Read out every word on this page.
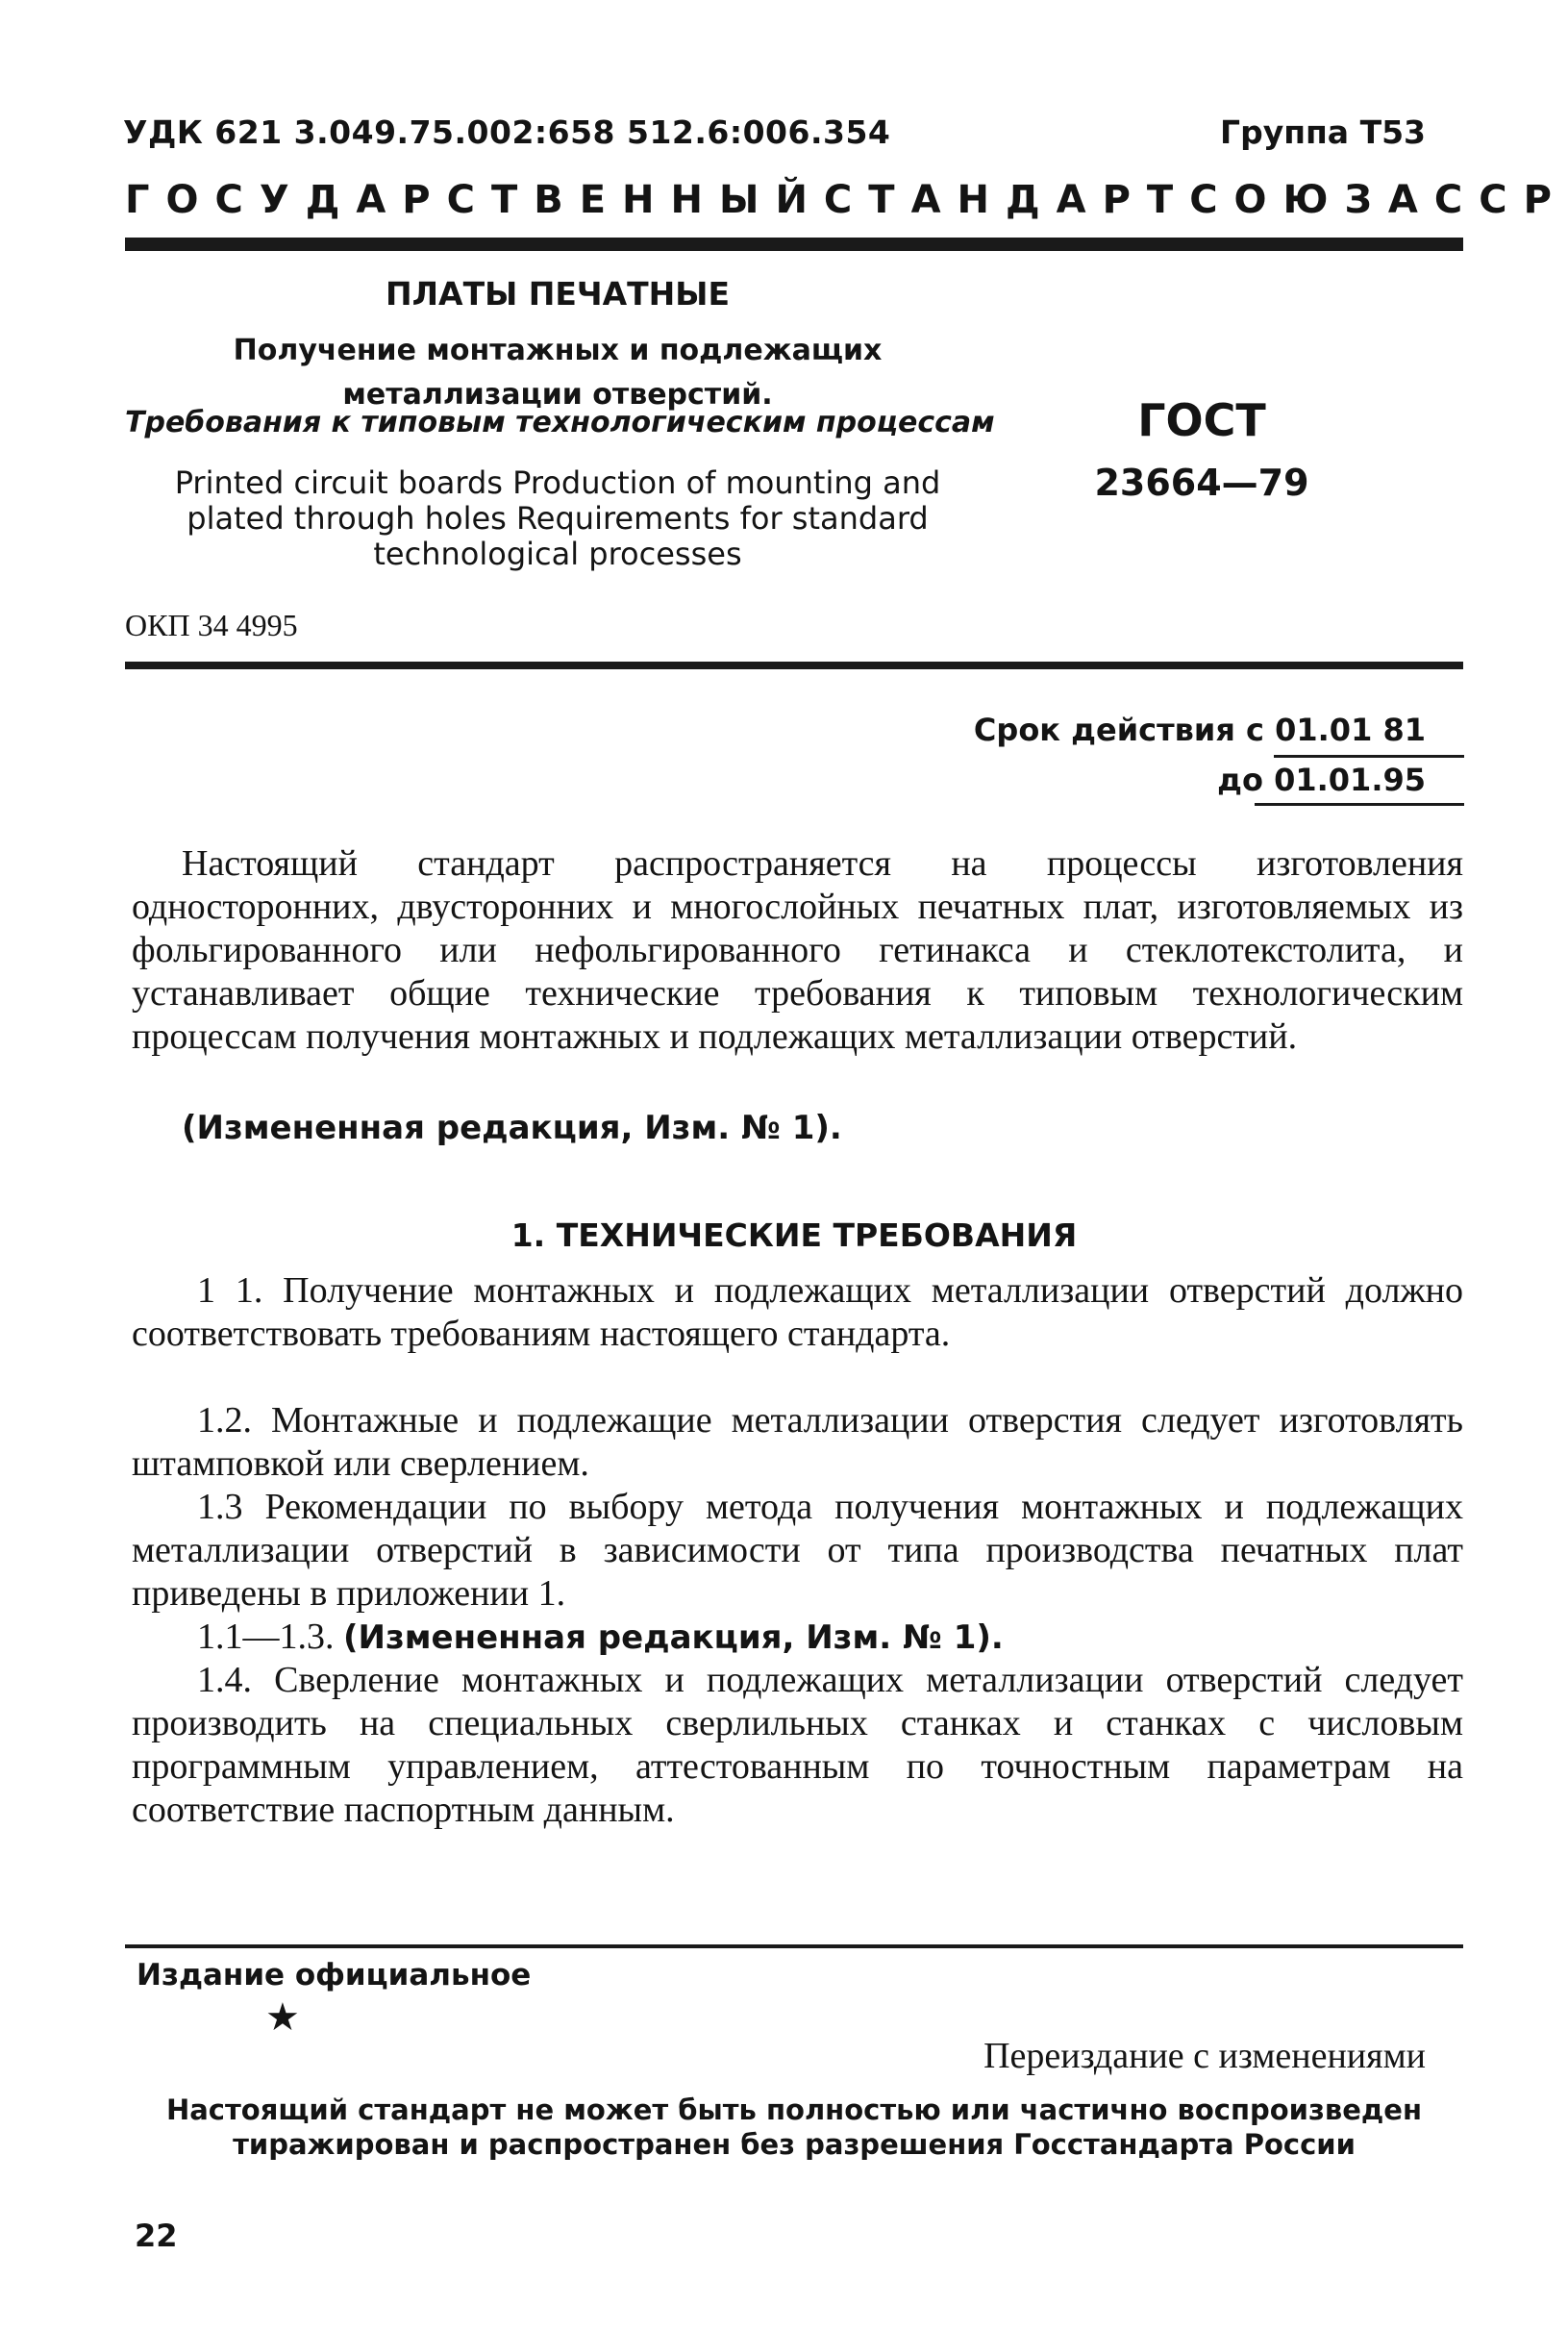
УДК 621 3.049.75.002:658 512.6:006.354	Группа Т53
ГОСУДАРСТВЕННЫЙ СТАНДАРТ СОЮЗА ССР
ПЛАТЫ ПЕЧАТНЫЕ
Получение монтажных и подлежащих металлизации отверстий.
Требования к типовым технологическим процессам
Printed circuit boards Production of mounting and plated through holes Requirements for standard technological processes
ГОСТ
23664—79
ОКП 34 4995
Срок действия с 01.01 81
до 01.01.95

Настоящий стандарт распространяется на процессы изготовления односторонних, двусторонних и многослойных печатных плат, изготовляемых из фольгированного или нефольгированного гетинакса и стеклотекстолита, и устанавливает общие технические требования к типовым технологическим процессам получения монтажных и подлежащих металлизации отверстий.

(Измененная редакция, Изм. № 1).

1. ТЕХНИЧЕСКИЕ ТРЕБОВАНИЯ

1 1. Получение монтажных и подлежащих металлизации отверстий должно соответствовать требованиям настоящего стандарта.

1.2. Монтажные и подлежащие металлизации отверстия следует изготовлять штамповкой или сверлением.

1.3 Рекомендации по выбору метода получения монтажных и подлежащих металлизации отверстий в зависимости от типа производства печатных плат приведены в приложении 1.

1.1—1.3. (Измененная редакция, Изм. № 1).

1.4. Сверление монтажных и подлежащих металлизации отверстий следует производить на специальных сверлильных станках и станках с числовым программным управлением, аттестованным по точностным параметрам на соответствие паспортным данным.

Издание официальное
★
Переиздание с изменениями
Настоящий стандарт не может быть полностью или частично воспроизведен тиражирован и распространен без разрешения Госстандарта России
22
